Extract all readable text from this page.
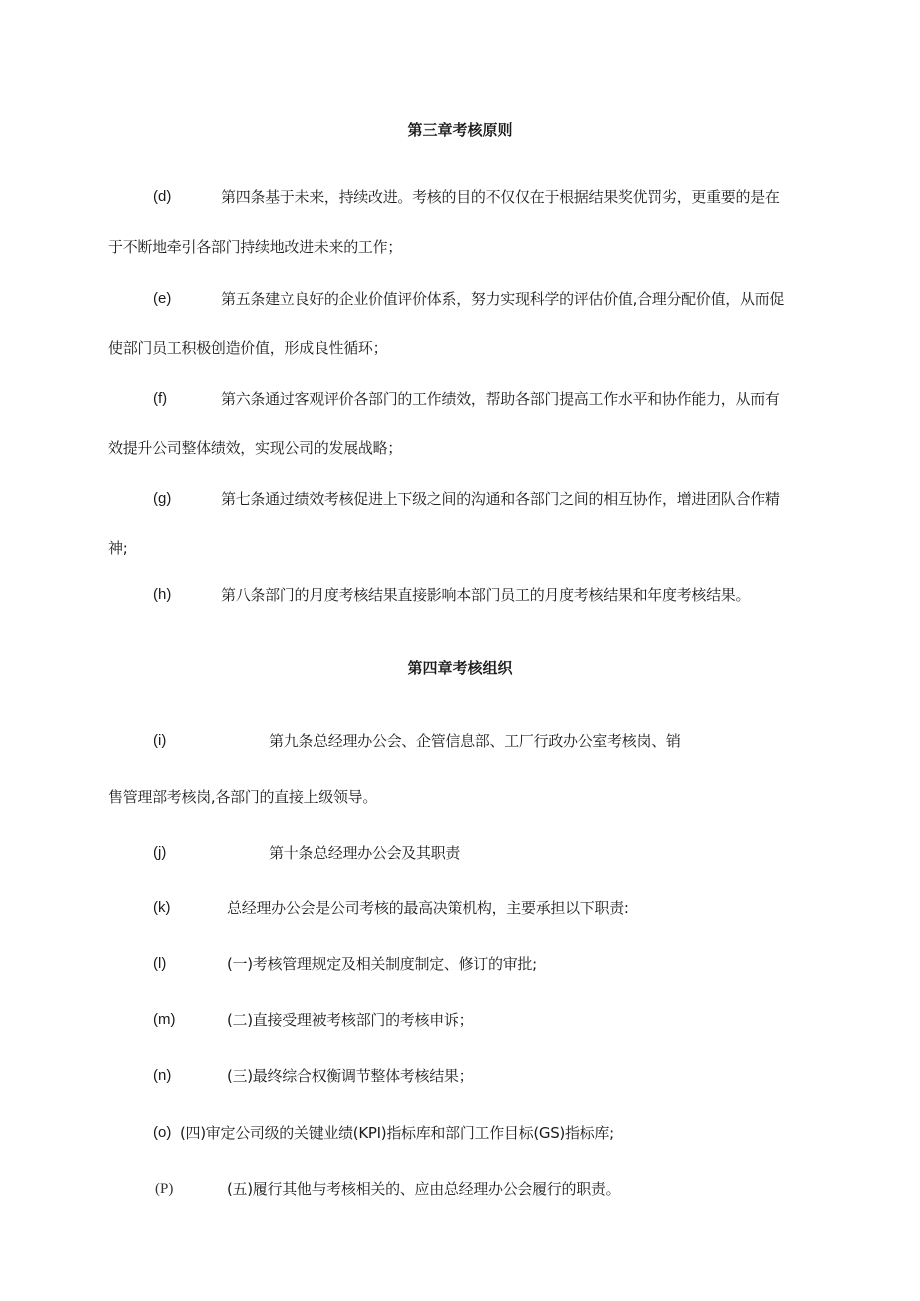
第三章考核原则
(d)	第四条基于未来，持续改进。考核的目的不仅仅在于根据结果奖优罚劣，更重要的是在
于不断地牵引各部门持续地改进未来的工作；
(e)	第五条建立良好的企业价值评价体系，努力实现科学的评估价值,合理分配价值，从而促
使部门员工积极创造价值，形成良性循环；
(f)	第六条通过客观评价各部门的工作绩效，帮助各部门提高工作水平和协作能力，从而有
效提升公司整体绩效，实现公司的发展战略；
(g)	第七条通过绩效考核促进上下级之间的沟通和各部门之间的相互协作，增进团队合作精
神;
(h)	第八条部门的月度考核结果直接影响本部门员工的月度考核结果和年度考核结果。
第四章考核组织
(i)	第九条总经理办公会、企管信息部、工厂行政办公室考核岗、销
售管理部考核岗,各部门的直接上级领导。
(j)	第十条总经理办公会及其职责
(k)	总经理办公会是公司考核的最高决策机构，主要承担以下职责:
(l)	(一)考核管理规定及相关制度制定、修订的审批;
(m)	(二)直接受理被考核部门的考核申诉；
(n)	(三)最终综合权衡调节整体考核结果；
(o) (四)审定公司级的关键业绩(KPI)指标库和部门工作目标(GS)指标库;
(P)	(五)履行其他与考核相关的、应由总经理办公会履行的职责。
